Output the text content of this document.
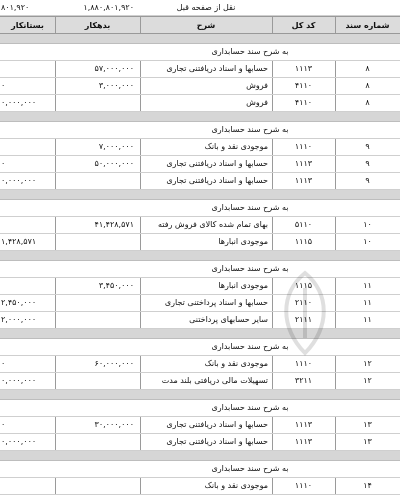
۸۰۱,۹۲۰	۱,۸۸۰,۸۰۱,۹۲۰	نقل از صفحه قبل
شماره سند
کد کل
شرح
بدهکار
بستانکار
به شرح سند حسابداری
۸
۱۱۱۳
حسابها و اسناد دریافتنی تجاری
۵۷,۰۰۰,۰۰۰
۸
۴۱۱۰
فروش
۳,۰۰۰,۰۰۰
۰
۸
۴۱۱۰
فروش
۰,۰۰۰,۰۰۰
به شرح سند حسابداری
۹
۱۱۱۰
موجودی نقد و بانک
۷,۰۰۰,۰۰۰
۹
۱۱۱۳
حسابها و اسناد دریافتنی تجاری
۵۰,۰۰۰,۰۰۰
۰
۹
۱۱۱۳
حسابها و اسناد دریافتنی تجاری
۰,۰۰۰,۰۰۰
به شرح سند حسابداری
۱۰
۵۱۱۰
بهای تمام شده کالای فروش رفته
۴۱,۴۲۸,۵۷۱
۱۰
۱۱۱۵
موجودی انبارها
۱,۴۲۸,۵۷۱
به شرح سند حسابداری
۱۱
۱۱۱۵
موجودی انبارها
۳,۴۵۰,۰۰۰
۱۱
۲۱۱۰
حسابها و اسناد پرداختنی تجاری
۲,۴۵۰,۰۰۰
۱۱
۲۱۱۱
سایر حسابهای پرداختنی
۲,۰۰۰,۰۰۰
به شرح سند حسابداری
۱۲
۱۱۱۰
موجودی نقد و بانک
۶۰,۰۰۰,۰۰۰
۰
۱۲
۳۲۱۱
تسهیلات مالی دریافتی بلند مدت
۰,۰۰۰,۰۰۰
به شرح سند حسابداری
۱۳
۱۱۱۳
حسابها و اسناد دریافتنی تجاری
۳۰,۰۰۰,۰۰۰
۰
۱۳
۱۱۱۳
حسابها و اسناد دریافتنی تجاری
۰,۰۰۰,۰۰۰
به شرح سند حسابداری
۱۴
۱۱۱۰
موجودی نقد و بانک
